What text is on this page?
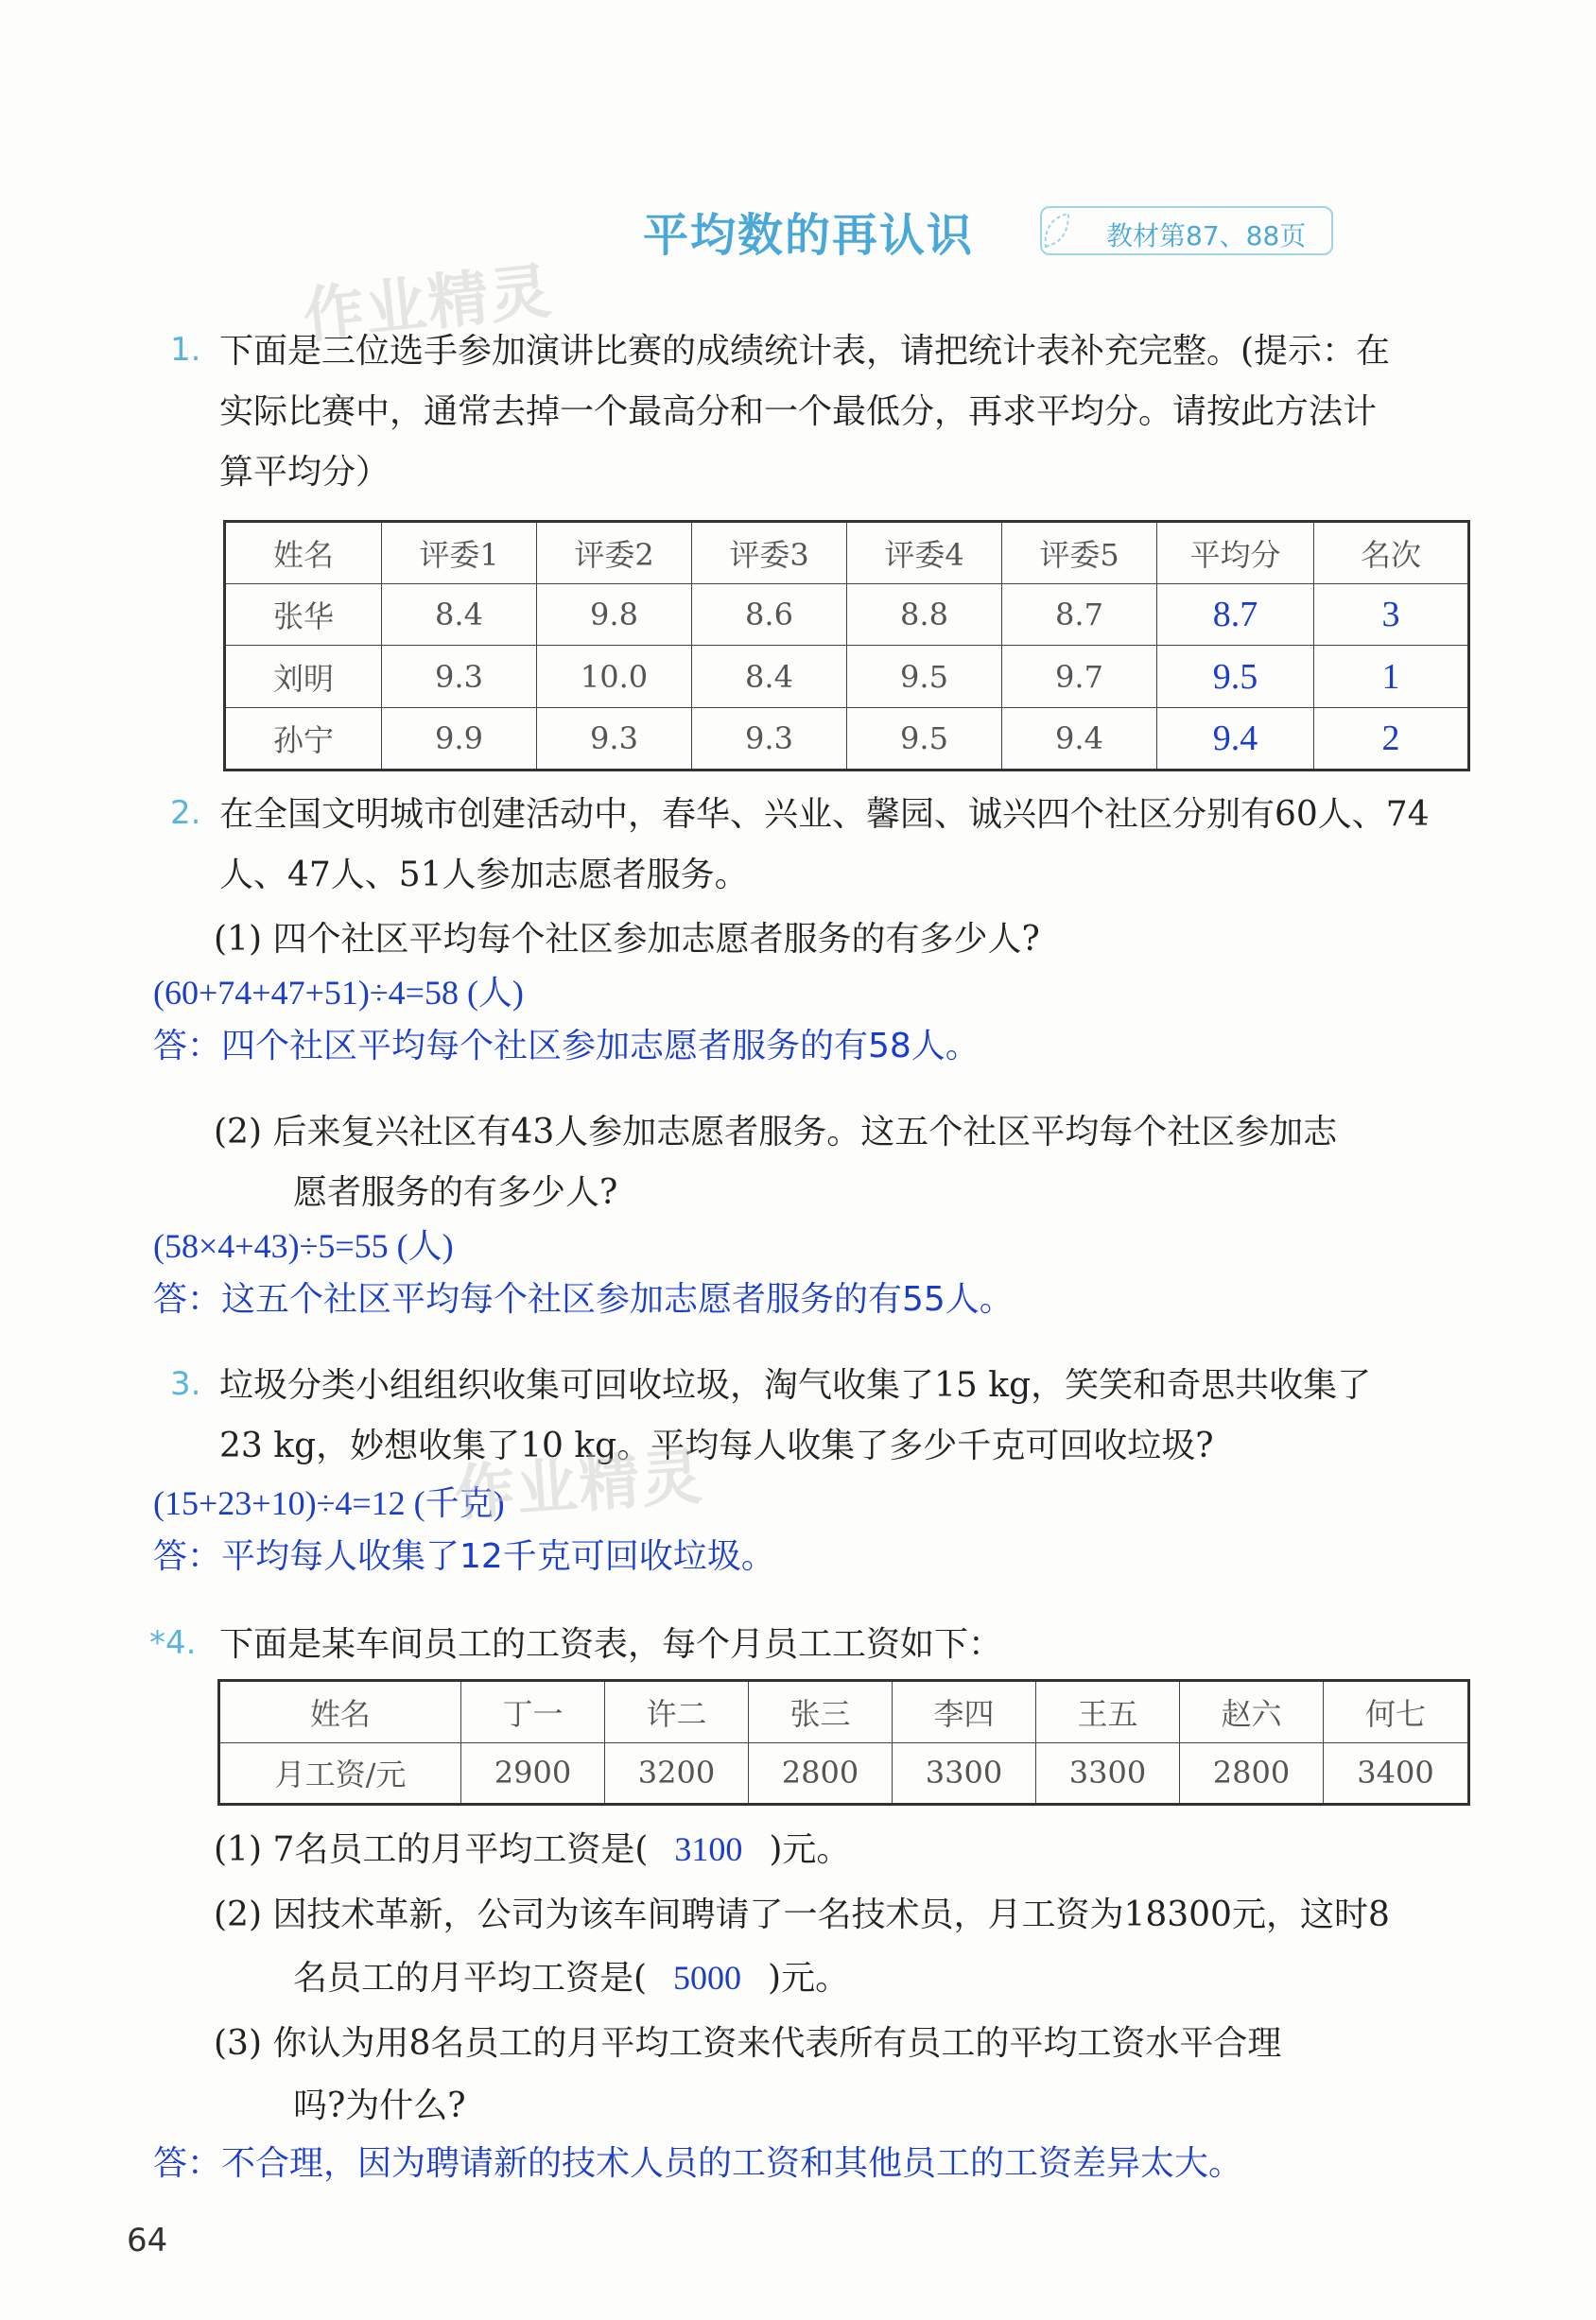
平均数的再认识	教材第87、88页
作业精灵
1. 下面是三位选手参加演讲比赛的成绩统计表，请把统计表补充完整。(提示：在
实际比赛中，通常去掉一个最高分和一个最低分，再求平均分。请按此方法计
算平均分）
姓名	评委1	评委2	评委3	评委4	评委5	平均分	名次
张华	8.4	9.8	8.6	8.8	8.7	8.7	3
刘明	9.3	10.0	8.4	9.5	9.7	9.5	1
孙宁	9.9	9.3	9.3	9.5	9.4	9.4	2
2. 在全国文明城市创建活动中，春华、兴业、馨园、诚兴四个社区分别有60人、74
人、47人、51人参加志愿者服务。
(1) 四个社区平均每个社区参加志愿者服务的有多少人?
(60+74+47+51)÷4=58 (人)
答：四个社区平均每个社区参加志愿者服务的有58人。
(2) 后来复兴社区有43人参加志愿者服务。这五个社区平均每个社区参加志
愿者服务的有多少人?
(58×4+43)÷5=55 (人)
答：这五个社区平均每个社区参加志愿者服务的有55人。
3. 垃圾分类小组组织收集可回收垃圾，淘气收集了15 kg，笑笑和奇思共收集了
23 kg，妙想收集了10 kg。平均每人收集了多少千克可回收垃圾?
(15+23+10)÷4=12 (千克)
作业精灵
答：平均每人收集了12千克可回收垃圾。
*4. 下面是某车间员工的工资表，每个月员工工资如下：
姓名	丁一	许二	张三	李四	王五	赵六	何七
月工资/元	2900	3200	2800	3300	3300	2800	3400
(1) 7名员工的月平均工资是( 3100 )元。
(2) 因技术革新，公司为该车间聘请了一名技术员，月工资为18300元，这时8
名员工的月平均工资是( 5000 )元。
(3) 你认为用8名员工的月平均工资来代表所有员工的平均工资水平合理
吗?为什么?
答：不合理，因为聘请新的技术人员的工资和其他员工的工资差异太大。
64
